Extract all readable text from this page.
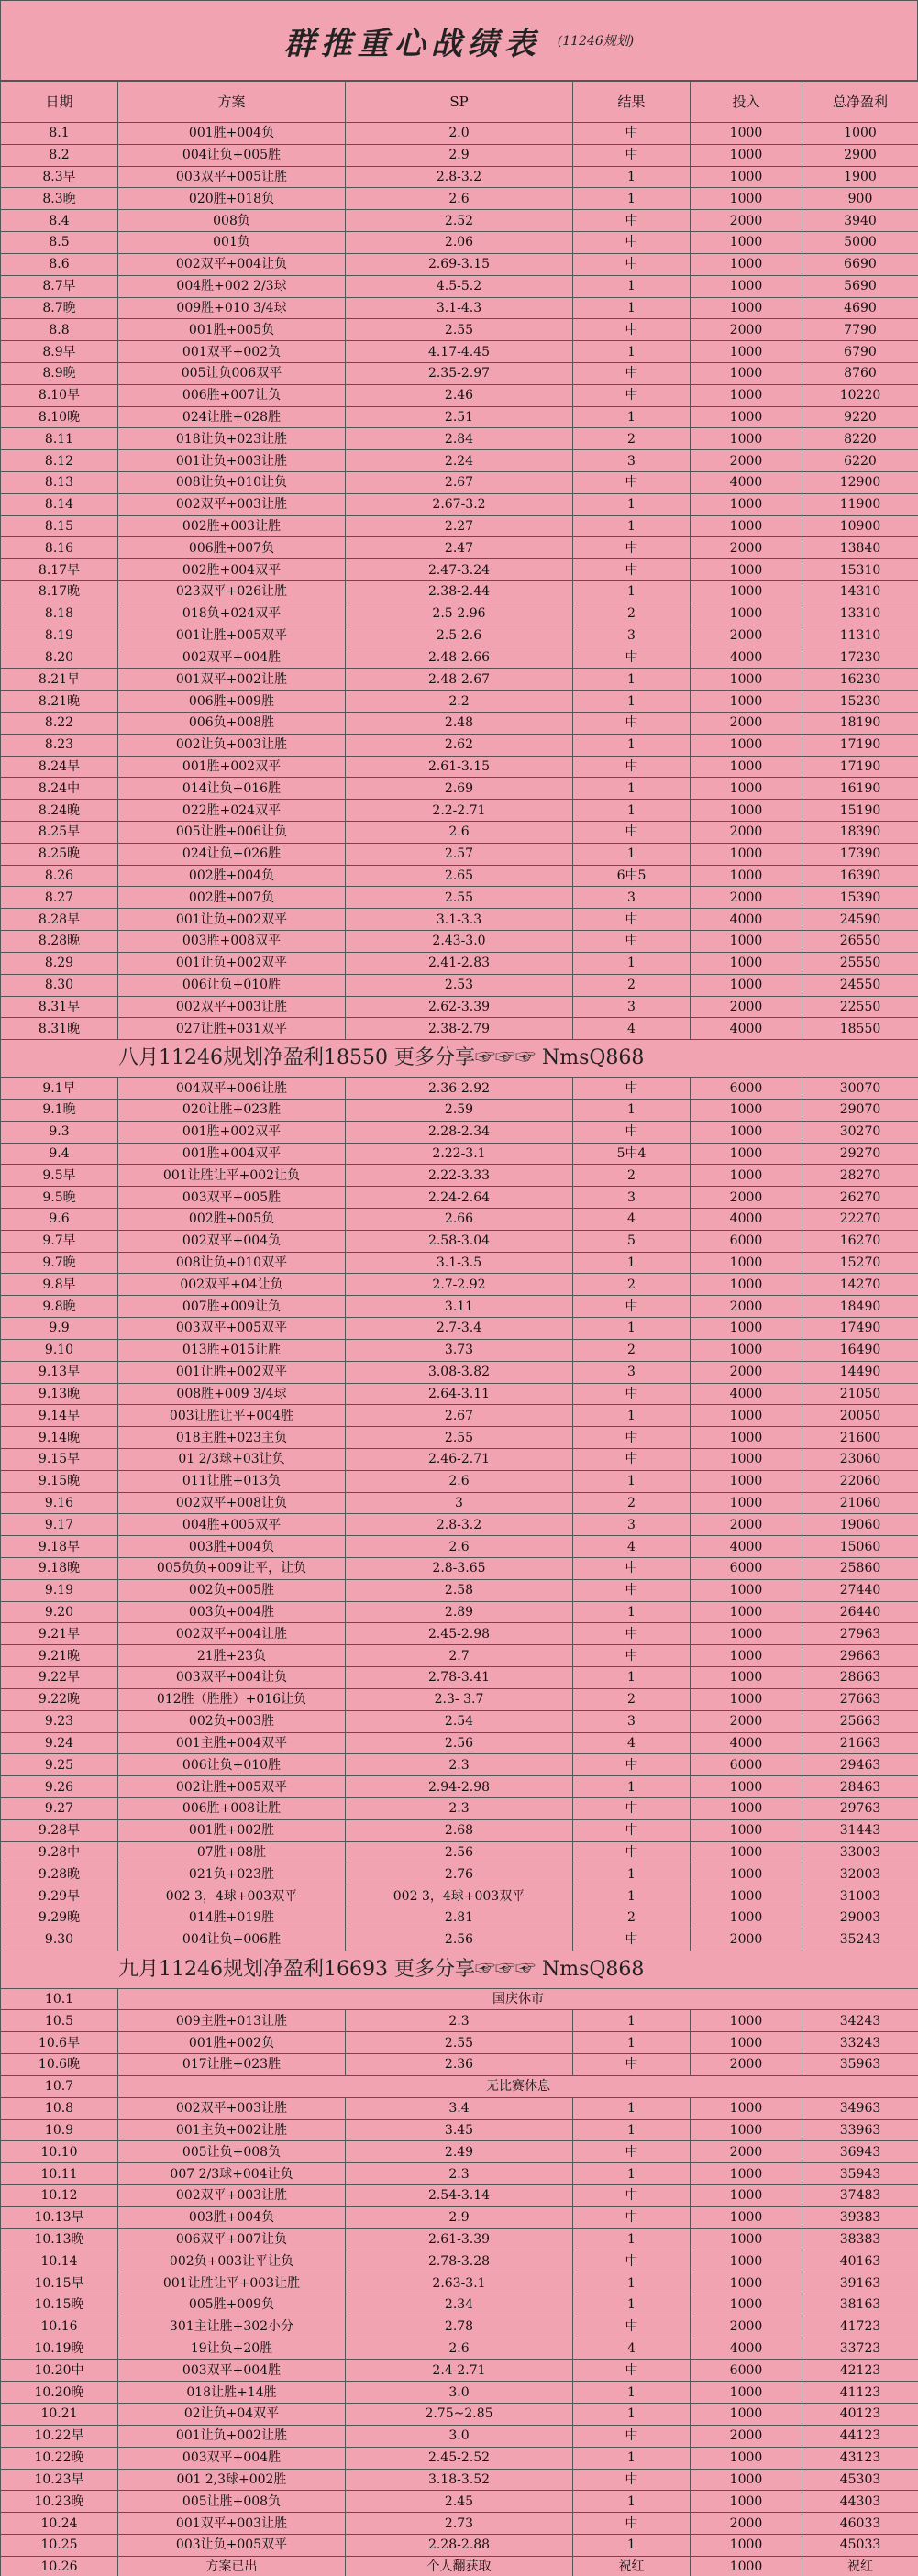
群推重心战绩表 (11246规划)
日期	方案	SP	结果	投入	总净盈利
8.1	001胜+004负	2.0	中	1000	1000
8.2	004让负+005胜	2.9	中	1000	2900
8.3早	003双平+005让胜	2.8-3.2	1	1000	1900
8.3晚	020胜+018负	2.6	1	1000	900
8.4	008负	2.52	中	2000	3940
8.5	001负	2.06	中	1000	5000
8.6	002双平+004让负	2.69-3.15	中	1000	6690
8.7早	004胜+002 2/3球	4.5-5.2	1	1000	5690
8.7晚	009胜+010 3/4球	3.1-4.3	1	1000	4690
8.8	001胜+005负	2.55	中	2000	7790
8.9早	001双平+002负	4.17-4.45	1	1000	6790
8.9晚	005让负006双平	2.35-2.97	中	1000	8760
8.10早	006胜+007让负	2.46	中	1000	10220
8.10晚	024让胜+028胜	2.51	1	1000	9220
8.11	018让负+023让胜	2.84	2	1000	8220
8.12	001让负+003让胜	2.24	3	2000	6220
8.13	008让负+010让负	2.67	中	4000	12900
8.14	002双平+003让胜	2.67-3.2	1	1000	11900
8.15	002胜+003让胜	2.27	1	1000	10900
8.16	006胜+007负	2.47	中	2000	13840
8.17早	002胜+004双平	2.47-3.24	中	1000	15310
8.17晚	023双平+026让胜	2.38-2.44	1	1000	14310
8.18	018负+024双平	2.5-2.96	2	1000	13310
8.19	001让胜+005双平	2.5-2.6	3	2000	11310
8.20	002双平+004胜	2.48-2.66	中	4000	17230
8.21早	001双平+002让胜	2.48-2.67	1	1000	16230
8.21晚	006胜+009胜	2.2	1	1000	15230
8.22	006负+008胜	2.48	中	2000	18190
8.23	002让负+003让胜	2.62	1	1000	17190
8.24早	001胜+002双平	2.61-3.15	中	1000	17190
8.24中	014让负+016胜	2.69	1	1000	16190
8.24晚	022胜+024双平	2.2-2.71	1	1000	15190
8.25早	005让胜+006让负	2.6	中	2000	18390
8.25晚	024让负+026胜	2.57	1	1000	17390
8.26	002胜+004负	2.65	6中5	1000	16390
8.27	002胜+007负	2.55	3	2000	15390
8.28早	001让负+002双平	3.1-3.3	中	4000	24590
8.28晚	003胜+008双平	2.43-3.0	中	1000	26550
8.29	001让负+002双平	2.41-2.83	1	1000	25550
8.30	006让负+010胜	2.53	2	1000	24550
8.31早	002双平+003让胜	2.62-3.39	3	2000	22550
8.31晚	027让胜+031双平	2.38-2.79	4	4000	18550
八月11246规划净盈利18550 更多分享☞☞☞ NmsQ868					
9.1早	004双平+006让胜	2.36-2.92	中	6000	30070
9.1晚	020让胜+023胜	2.59	1	1000	29070
9.3	001胜+002双平	2.28-2.34	中	1000	30270
9.4	001胜+004双平	2.22-3.1	5中4	1000	29270
9.5早	001让胜让平+002让负	2.22-3.33	2	1000	28270
9.5晚	003双平+005胜	2.24-2.64	3	2000	26270
9.6	002胜+005负	2.66	4	4000	22270
9.7早	002双平+004负	2.58-3.04	5	6000	16270
9.7晚	008让负+010双平	3.1-3.5	1	1000	15270
9.8早	002双平+04让负	2.7-2.92	2	1000	14270
9.8晚	007胜+009让负	3.11	中	2000	18490
9.9	003双平+005双平	2.7-3.4	1	1000	17490
9.10	013胜+015让胜	3.73	2	1000	16490
9.13早	001让胜+002双平	3.08-3.82	3	2000	14490
9.13晚	008胜+009 3/4球	2.64-3.11	中	4000	21050
9.14早	003让胜让平+004胜	2.67	1	1000	20050
9.14晚	018主胜+023主负	2.55	中	1000	21600
9.15早	01 2/3球+03让负	2.46-2.71	中	1000	23060
9.15晚	011让胜+013负	2.6	1	1000	22060
9.16	002双平+008让负	3	2	1000	21060
9.17	004胜+005双平	2.8-3.2	3	2000	19060
9.18早	003胜+004负	2.6	4	4000	15060
9.18晚	005负负+009让平，让负	2.8-3.65	中	6000	25860
9.19	002负+005胜	2.58	中	1000	27440
9.20	003负+004胜	2.89	1	1000	26440
9.21早	002双平+004让胜	2.45-2.98	中	1000	27963
9.21晚	21胜+23负	2.7	中	1000	29663
9.22早	003双平+004让负	2.78-3.41	1	1000	28663
9.22晚	012胜（胜胜）+016让负	2.3- 3.7	2	1000	27663
9.23	002负+003胜	2.54	3	2000	25663
9.24	001主胜+004双平	2.56	4	4000	21663
9.25	006让负+010胜	2.3	中	6000	29463
9.26	002让胜+005双平	2.94-2.98	1	1000	28463
9.27	006胜+008让胜	2.3	中	1000	29763
9.28早	001胜+002胜	2.68	中	1000	31443
9.28中	07胜+08胜	2.56	中	1000	33003
9.28晚	021负+023胜	2.76	1	1000	32003
9.29早	002 3，4球+003双平	002 3，4球+003双平	1	1000	31003
9.29晚	014胜+019胜	2.81	2	1000	29003
9.30	004让负+006胜	2.56	中	2000	35243
九月11246规划净盈利16693 更多分享☞☞☞ NmsQ868					
10.1	国庆休市				
10.5	009主胜+013让胜	2.3	1	1000	34243
10.6早	001胜+002负	2.55	1	1000	33243
10.6晚	017让胜+023胜	2.36	中	2000	35963
10.7	无比赛休息				
10.8	002双平+003让胜	3.4	1	1000	34963
10.9	001主负+002让胜	3.45	1	1000	33963
10.10	005让负+008负	2.49	中	2000	36943
10.11	007 2/3球+004让负	2.3	1	1000	35943
10.12	002双平+003让胜	2.54-3.14	中	1000	37483
10.13早	003胜+004负	2.9	中	1000	39383
10.13晚	006双平+007让负	2.61-3.39	1	1000	38383
10.14	002负+003让平让负	2.78-3.28	中	1000	40163
10.15早	001让胜让平+003让胜	2.63-3.1	1	1000	39163
10.15晚	005胜+009负	2.34	1	1000	38163
10.16	301主让胜+302小分	2.78	中	2000	41723
10.19晚	19让负+20胜	2.6	4	4000	33723
10.20中	003双平+004胜	2.4-2.71	中	6000	42123
10.20晚	018让胜+14胜	3.0	1	1000	41123
10.21	02让负+04双平	2.75~2.85	1	1000	40123
10.22早	001让负+002让胜	3.0	中	2000	44123
10.22晚	003双平+004胜	2.45-2.52	1	1000	43123
10.23早	001 2,3球+002胜	3.18-3.52	中	1000	45303
10.23晚	005让胜+008负	2.45	1	1000	44303
10.24	001双平+003让胜	2.73	中	2000	46033
10.25	003让负+005双平	2.28-2.88	1	1000	45033
10.26	方案已出	个人翻获取	祝红	1000	祝红
